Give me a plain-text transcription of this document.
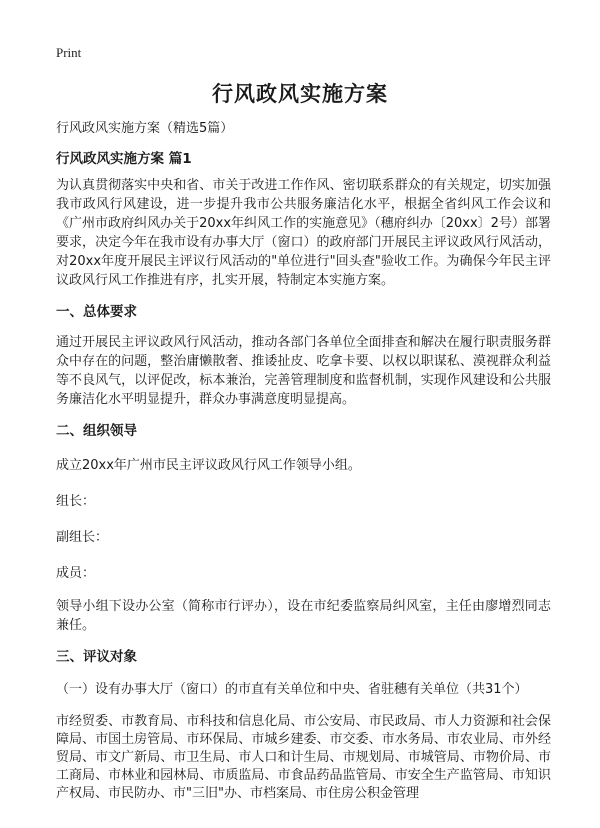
Print
行风政风实施方案

行风政风实施方案（精选5篇）

行风政风实施方案 篇1

为认真贯彻落实中央和省、市关于改进工作作风、密切联系群众的有关规定，切实加强我市政风行风建设，进一步提升我市公共服务廉洁化水平，根据全省纠风工作会议和《广州市政府纠风办关于20xx年纠风工作的实施意见》（穗府纠办〔20xx〕2号）部署要求，决定今年在我市设有办事大厅（窗口）的政府部门开展民主评议政风行风活动，对20xx年度开展民主评议行风活动的"单位进行"回头查"验收工作。为确保今年民主评议政风行风工作推进有序，扎实开展，特制定本实施方案。

一、总体要求

通过开展民主评议政风行风活动，推动各部门各单位全面排查和解决在履行职责服务群众中存在的问题，整治庸懒散奢、推诿扯皮、吃拿卡要、以权以职谋私、漠视群众利益等不良风气，以评促改，标本兼治，完善管理制度和监督机制，实现作风建设和公共服务廉洁化水平明显提升，群众办事满意度明显提高。

二、组织领导

成立20xx年广州市民主评议政风行风工作领导小组。

组长：

副组长：

成员：

领导小组下设办公室（简称市行评办），设在市纪委监察局纠风室，主任由廖增烈同志兼任。

三、评议对象

（一）设有办事大厅（窗口）的市直有关单位和中央、省驻穗有关单位（共31个）

市经贸委、市教育局、市科技和信息化局、市公安局、市民政局、市人力资源和社会保障局、市国土房管局、市环保局、市城乡建委、市交委、市水务局、市农业局、市外经贸局、市文广新局、市卫生局、市人口和计生局、市规划局、市城管局、市物价局、市工商局、市林业和园林局、市质监局、市食品药品监管局、市安全生产监管局、市知识产权局、市民防办、市"三旧"办、市档案局、市住房公积金管理
